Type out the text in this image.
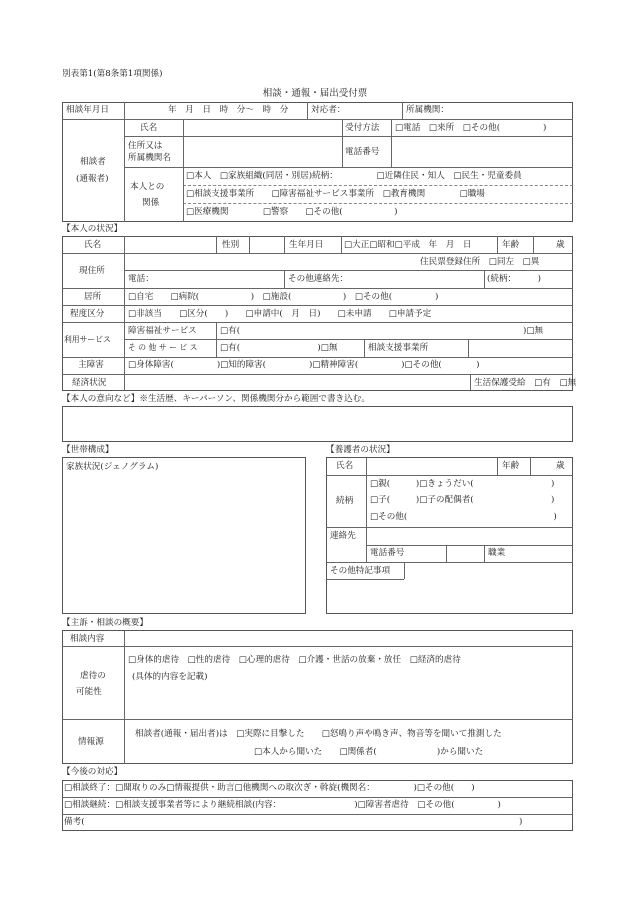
別表第1(第8条第1項関係)
相談・通報・届出受付票
相談年月日	年　月　日　時　分〜　時　分	対応者：	所属機関：
相談者
(通報者)
氏名	受付方法 □電話　□来所　□その他(　　　　　)
住所又は
所属機関名
電話番号
本人との
関係
□本人　□家族組織(同居・別居)続柄：　　　　　□近隣住民・知人　□民生・児童委員
□相談支援事業所　　□障害福祉サービス事業所　□教育機関　　　　□職場
□医療機関　　　　□警察　　□その他(　　　　　　)
【本人の状況】
氏名	性別	生年月日 □大正□昭和□平成　年　月　日	年齢	歳
現住所
住民票登録住所　□同左　□異
電話：	その他連絡先：	(続柄：　　　)
居所	□自宅　　□病院(　　　　　　)　□施設(　　　　　　)　□その他(　　　　　)
程度区分	□非該当　　□区分(　　)　　□申請中(　月　日)　　□未申請　　□申請予定
利用サービス
障害福祉サービス	□有(	)□無
そ の 他 サ ー ビ ス	□有(　　　　　　　　　)□無	相談支援事業所
主障害	□身体障害(　　　　　)□知的障害(　　　　　)□精神障害(　　　　　)□その他(　　　　)
経済状況	生活保護受給　□有　□無
【本人の意向など】※生活歴、キーパーソン、関係機関分から範囲で書き込む。
【世帯構成】
家族状況(ジェノグラム)
【養護者の状況】
氏名	年齢	歳
続柄
□親(　　　)□きょうだい(　　　　　　　　　)
□子(　　　)□子の配偶者(　　　　　　　　　)
□その他(　　　　　　　　　　　　　　　　　)
連絡先
電話番号	職業
その他特記事項
【主訴・相談の概要】
相談内容
虐待の
可能性
□身体的虐待　□性的虐待　□心理的虐待　□介護・世話の放棄・放任　□経済的虐待
(具体的内容を記載)
情報源
相談者(通報・届出者)は　□実際に目撃した　　□怒鳴り声や鳴き声、物音等を聞いて推測した
□本人から聞いた　　□関係者(　　　　　　　)から聞いた
【今後の対応】
□相談終了：□聞取りのみ□情報提供・助言□他機関への取次ぎ・斡旋(機関名：　　　　　)□その他(　　)
□相談継続：□相談支援事業者等により継続相談(内容：　　　　　　　　　)□障害者虐待　□その他(　　　　　)
備考(	)
